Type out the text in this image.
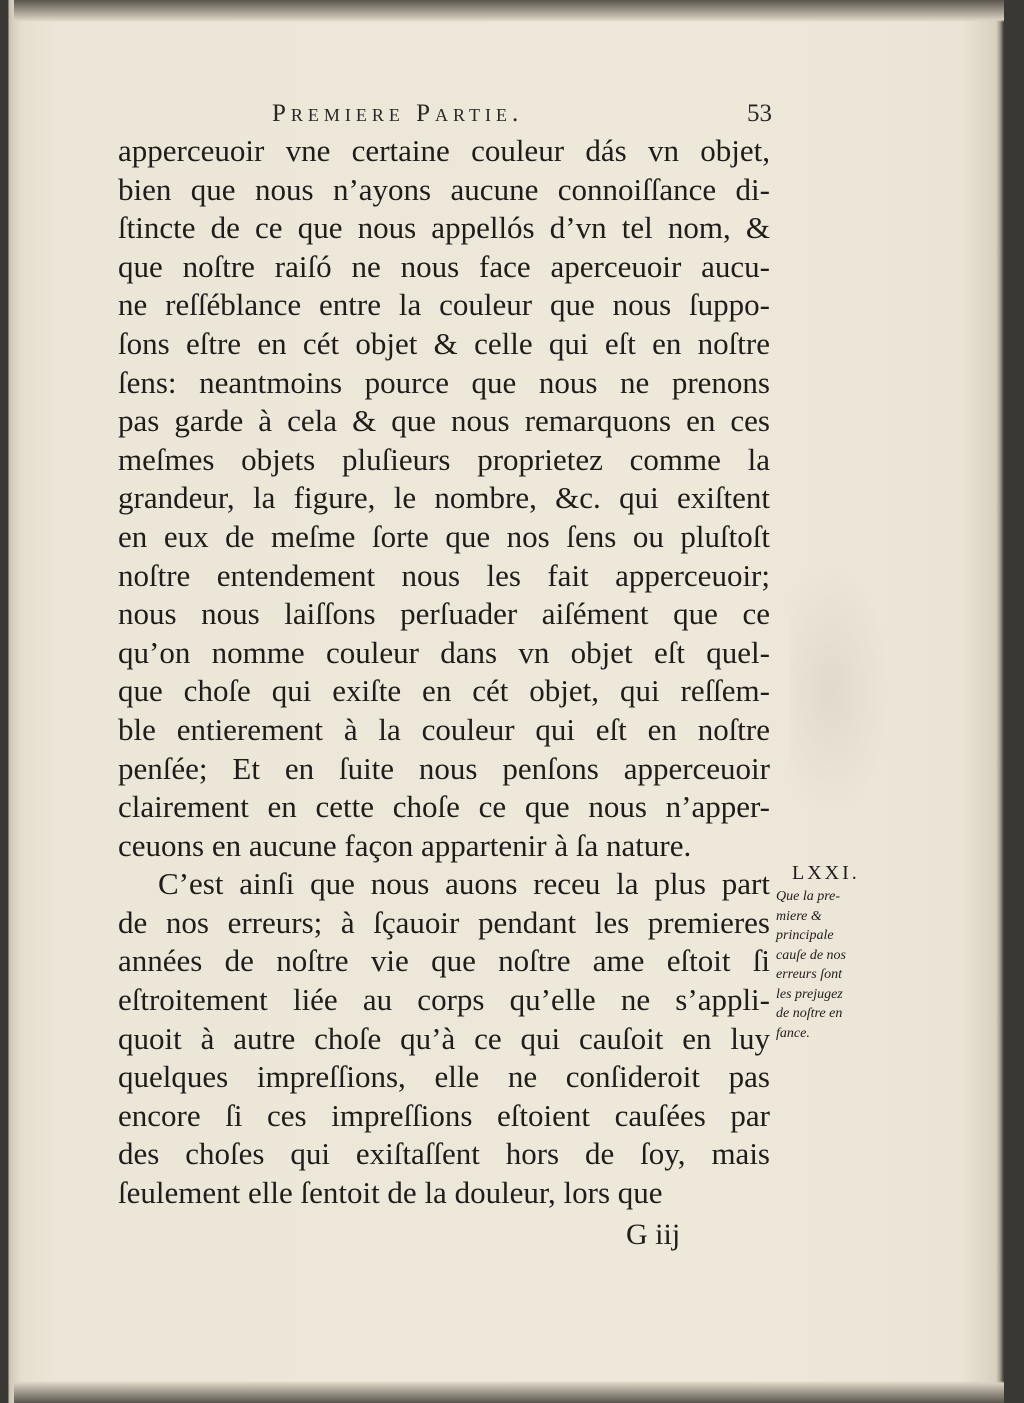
Premiere Partie.	53
apperceuoir vne certaine couleur dás vn objet,
bien que nous n’ayons aucune connoiſſance di-
ſtincte de ce que nous appellós d’vn tel nom, &
que noſtre raiſó ne nous face aperceuoir aucu-
ne reſſéblance entre la couleur que nous ſuppo-
ſons eſtre en cét objet & celle qui eſt en noſtre
ſens: neantmoins pource que nous ne prenons
pas garde à cela & que nous remarquons en ces
meſmes objets pluſieurs proprietez comme la
grandeur, la figure, le nombre, &c. qui exiſtent
en eux de meſme ſorte que nos ſens ou pluſtoſt
noſtre entendement nous les fait apperceuoir;
nous nous laiſſons perſuader aiſément que ce
qu’on nomme couleur dans vn objet eſt quel-
que choſe qui exiſte en cét objet, qui reſſem-
ble entierement à la couleur qui eſt en noſtre
penſée; Et en ſuite nous penſons apperceuoir
clairement en cette choſe ce que nous n’apper-
ceuons en aucune façon appartenir à ſa nature.
C’est ainſi que nous auons receu la plus part
de nos erreurs; à ſçauoir pendant les premieres
années de noſtre vie que noſtre ame eſtoit ſi
eſtroitement liée au corps qu’elle ne s’appli-
quoit à autre choſe qu’à ce qui cauſoit en luy
quelques impreſſions, elle ne conſideroit pas
encore ſi ces impreſſions eſtoient cauſées par
des choſes qui exiſtaſſent hors de ſoy, mais
ſeulement elle ſentoit de la douleur, lors que
LXXI.
Que la pre-
miere &
principale
cauſe de nos
erreurs ſont
les prejugez
de noſtre en
fance.
G iij
